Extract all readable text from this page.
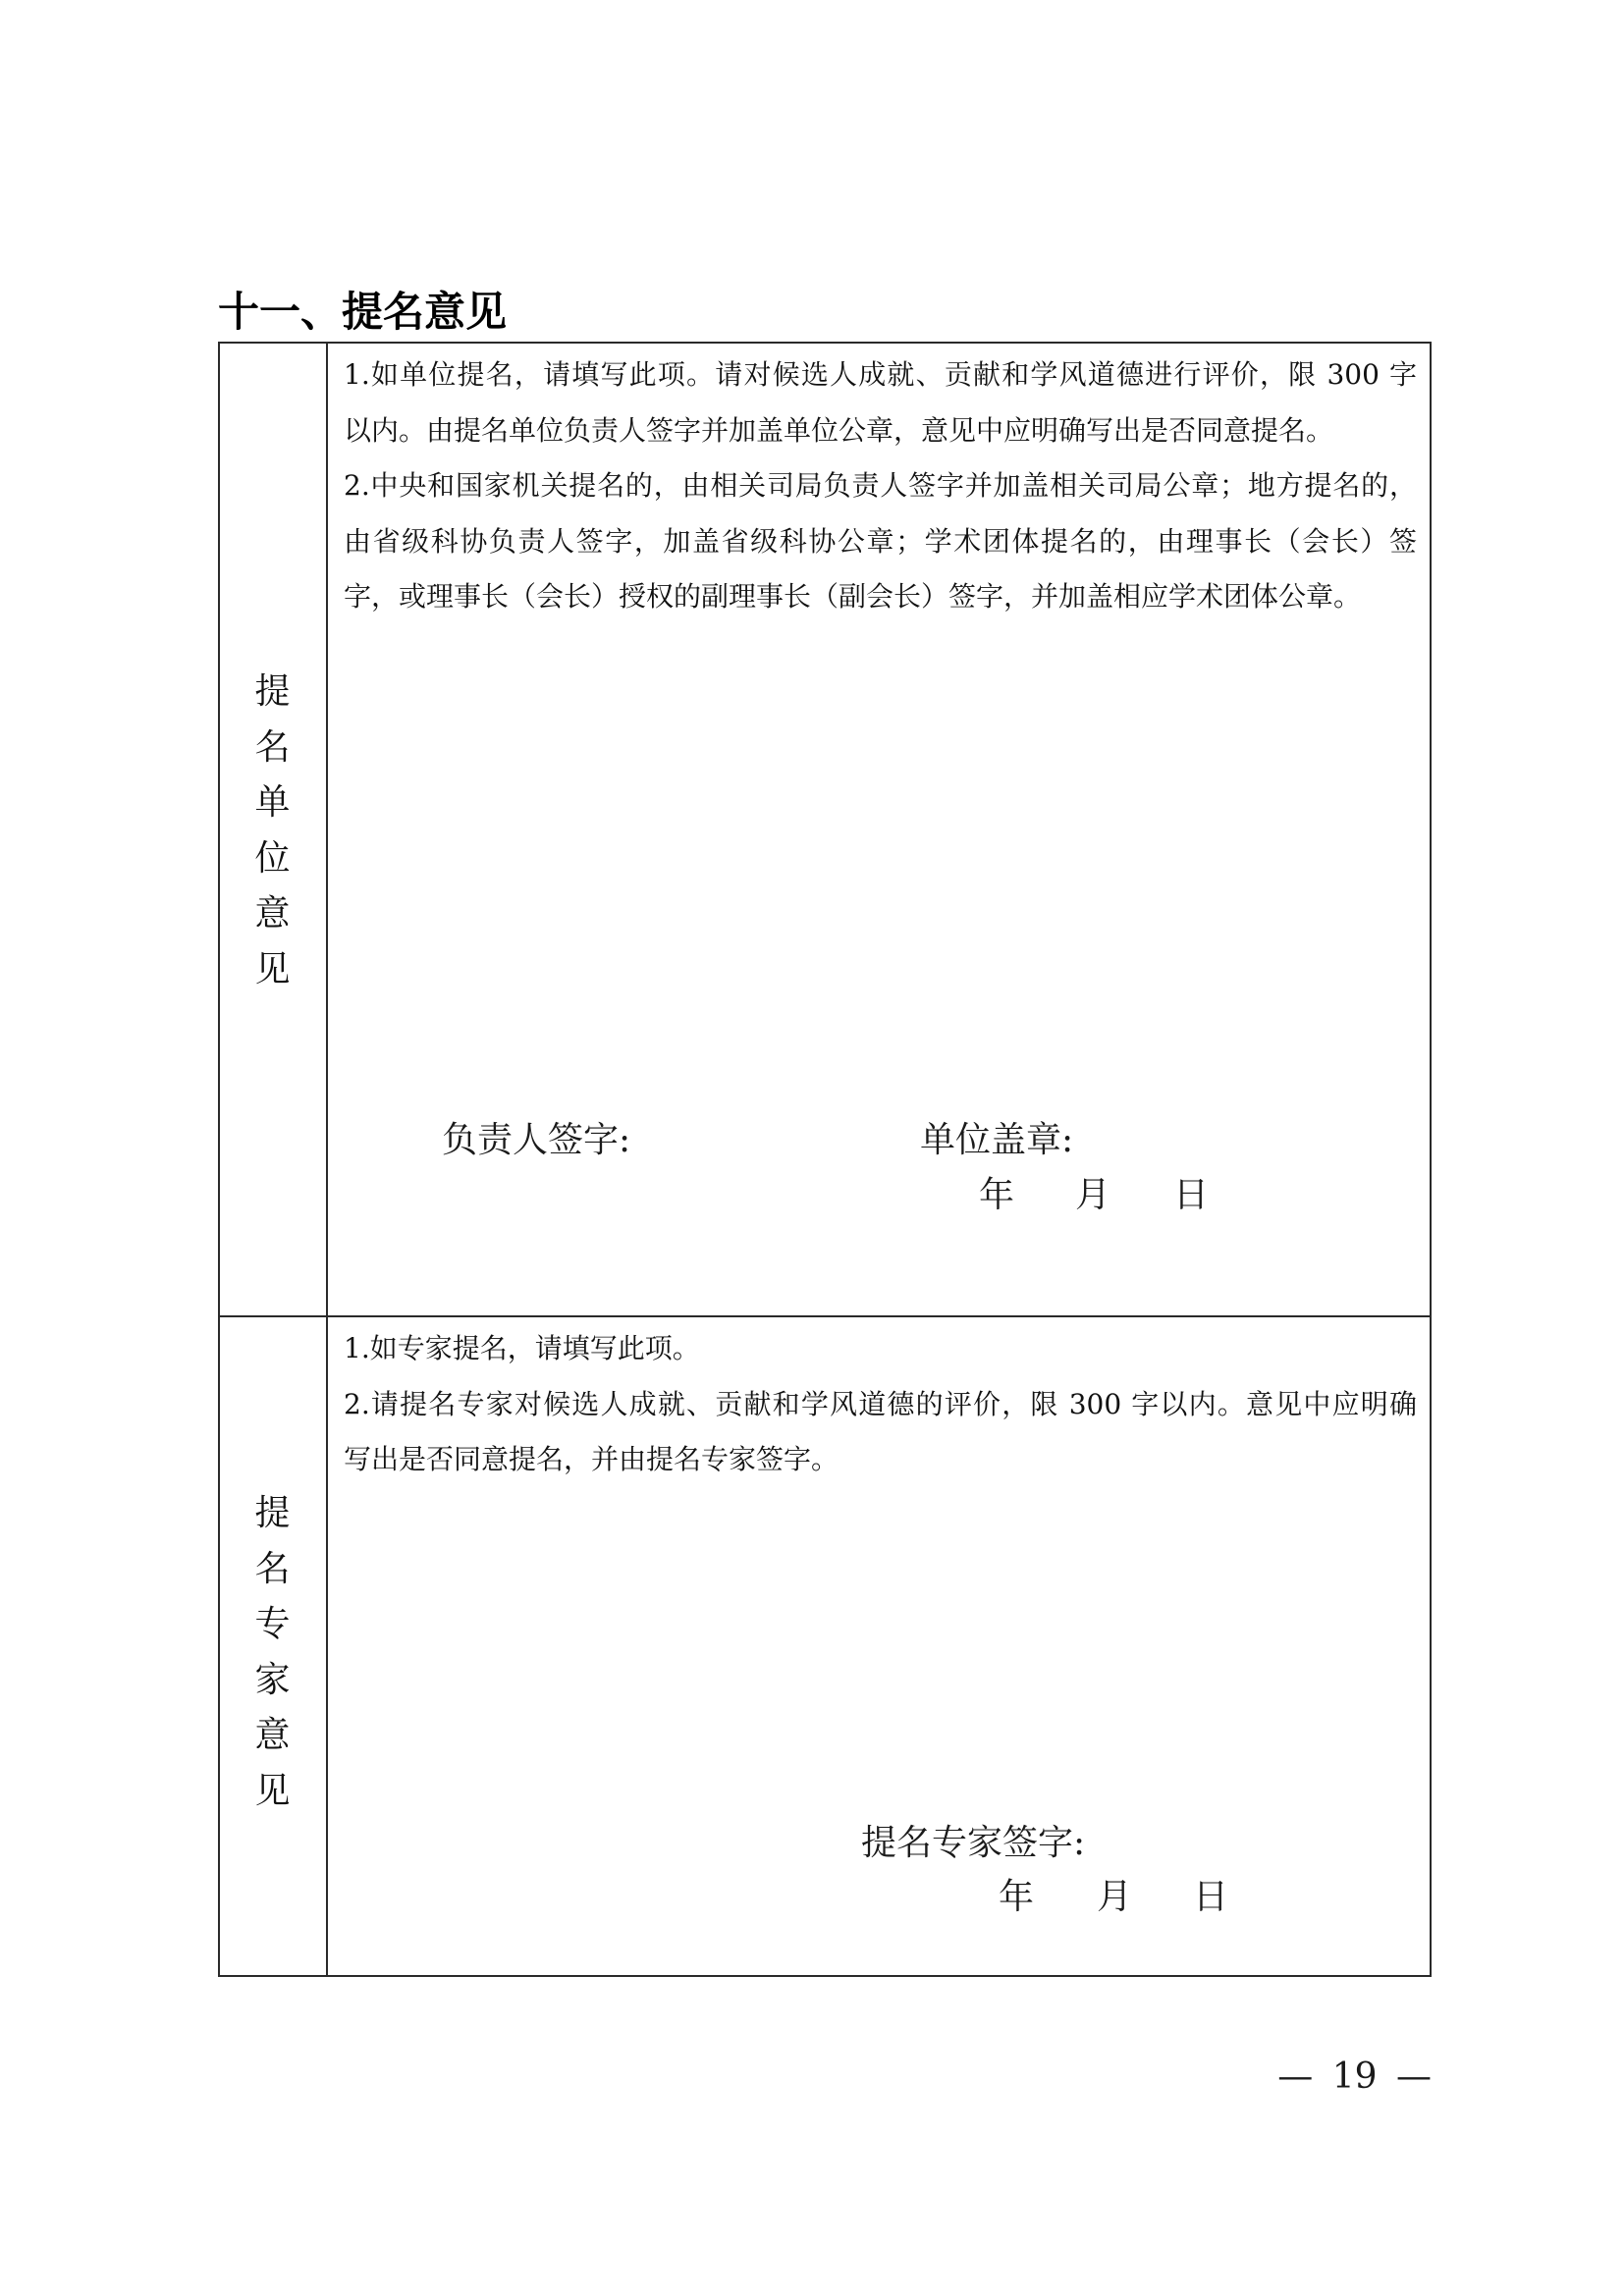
十一、提名意见
提名单位意见
1.如单位提名，请填写此项。请对候选人成就、贡献和学风道德进行评价，限 300 字
以内。由提名单位负责人签字并加盖单位公章，意见中应明确写出是否同意提名。
2.中央和国家机关提名的，由相关司局负责人签字并加盖相关司局公章；地方提名的，
由省级科协负责人签字，加盖省级科协公章；学术团体提名的，由理事长（会长）签
字，或理事长（会长）授权的副理事长（副会长）签字，并加盖相应学术团体公章。
负责人签字:	单位盖章:
年 月 日
提名专家意见
1.如专家提名，请填写此项。
2.请提名专家对候选人成就、贡献和学风道德的评价，限 300 字以内。意见中应明确
写出是否同意提名，并由提名专家签字。
提名专家签字:
年 月 日
— 19 —
